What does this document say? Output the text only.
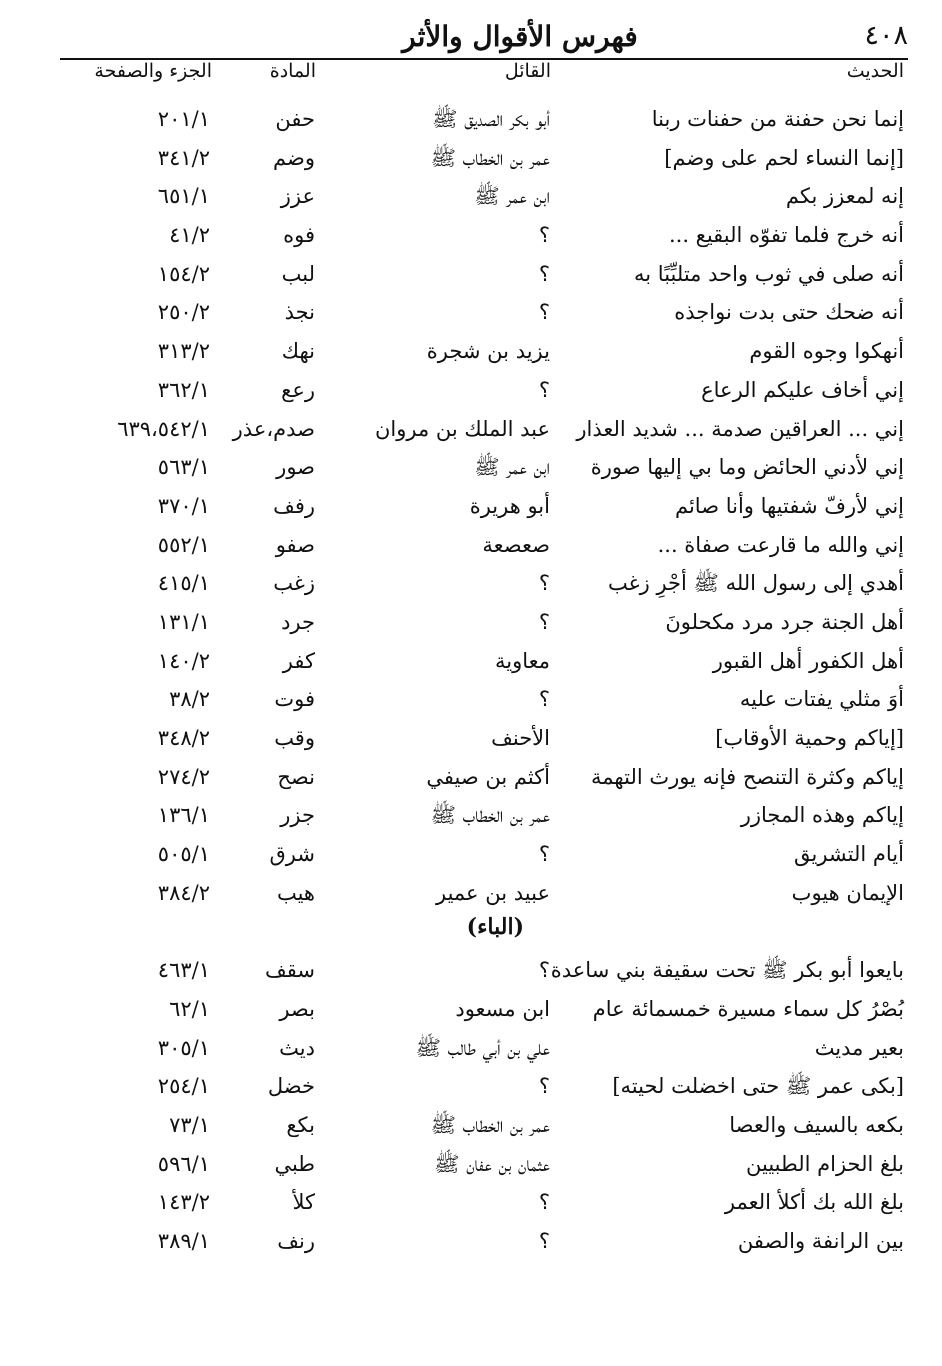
٤٠٨
فهرس الأقوال والأثر
الحديث
القائل
المادة
الجزء والصفحة
إنما نحن حفنة من حفنات ربنا
أبو بكر الصديق ﷺ
حفن
٢٠١/١
[إنما النساء لحم على وضم]
عمر بن الخطاب ﷺ
وضم
٣٤١/٢
إنه لمعزز بكم
ابن عمر ﷺ
عزز
٦٥١/١
أنه خرج فلما تفوّه البقيع ...
؟
فوه
٤١/٢
أنه صلى في ثوب واحد متلبِّبًا به
؟
لبب
١٥٤/٢
أنه ضحك حتى بدت نواجذه
؟
نجذ
٢٥٠/٢
أنهكوا وجوه القوم
يزيد بن شجرة
نهك
٣١٣/٢
إني أخاف عليكم الرعاع
؟
رعع
٣٦٢/١
إني ... العراقين صدمة ... شديد العذار
عبد الملك بن مروان
صدم،عذر
٦٣٩،٥٤٢/١
إني لأدني الحائض وما بي إليها صورة
ابن عمر ﷺ
صور
٥٦٣/١
إني لأرفّ شفتيها وأنا صائم
أبو هريرة
رفف
٣٧٠/١
إني والله ما قارعت صفاة ...
صعصعة
صفو
٥٥٢/١
أهدي إلى رسول الله ﷺ أجْرِ زغب
؟
زغب
٤١٥/١
أهل الجنة جرد مرد مكحلونَ
؟
جرد
١٣١/١
أهل الكفور أهل القبور
معاوية
كفر
١٤٠/٢
أوَ مثلي يفتات عليه
؟
فوت
٣٨/٢
[إياكم وحمية الأوقاب]
الأحنف
وقب
٣٤٨/٢
إياكم وكثرة التنصح فإنه يورث التهمة
أكثم بن صيفي
نصح
٢٧٤/٢
إياكم وهذه المجازر
عمر بن الخطاب ﷺ
جزر
١٣٦/١
أيام التشريق
؟
شرق
٥٠٥/١
الإيمان هيوب
عبيد بن عمير
هيب
٣٨٤/٢
(الباء)
بايعوا أبو بكر ﷺ تحت سقيفة بني ساعدة
؟
سقف
٤٦٣/١
بُصْرُ كل سماء مسيرة خمسمائة عام
ابن مسعود
بصر
٦٢/١
بعير مديث
علي بن أبي طالب ﷺ
ديث
٣٠٥/١
[بكى عمر ﷺ حتى اخضلت لحيته]
؟
خضل
٢٥٤/١
بكعه بالسيف والعصا
عمر بن الخطاب ﷺ
بكع
٧٣/١
بلغ الحزام الطبيين
عثمان بن عفان ﷺ
طبي
٥٩٦/١
بلغ الله بك أكلأ العمر
؟
كلأ
١٤٣/٢
بين الرانفة والصفن
؟
رنف
٣٨٩/١
